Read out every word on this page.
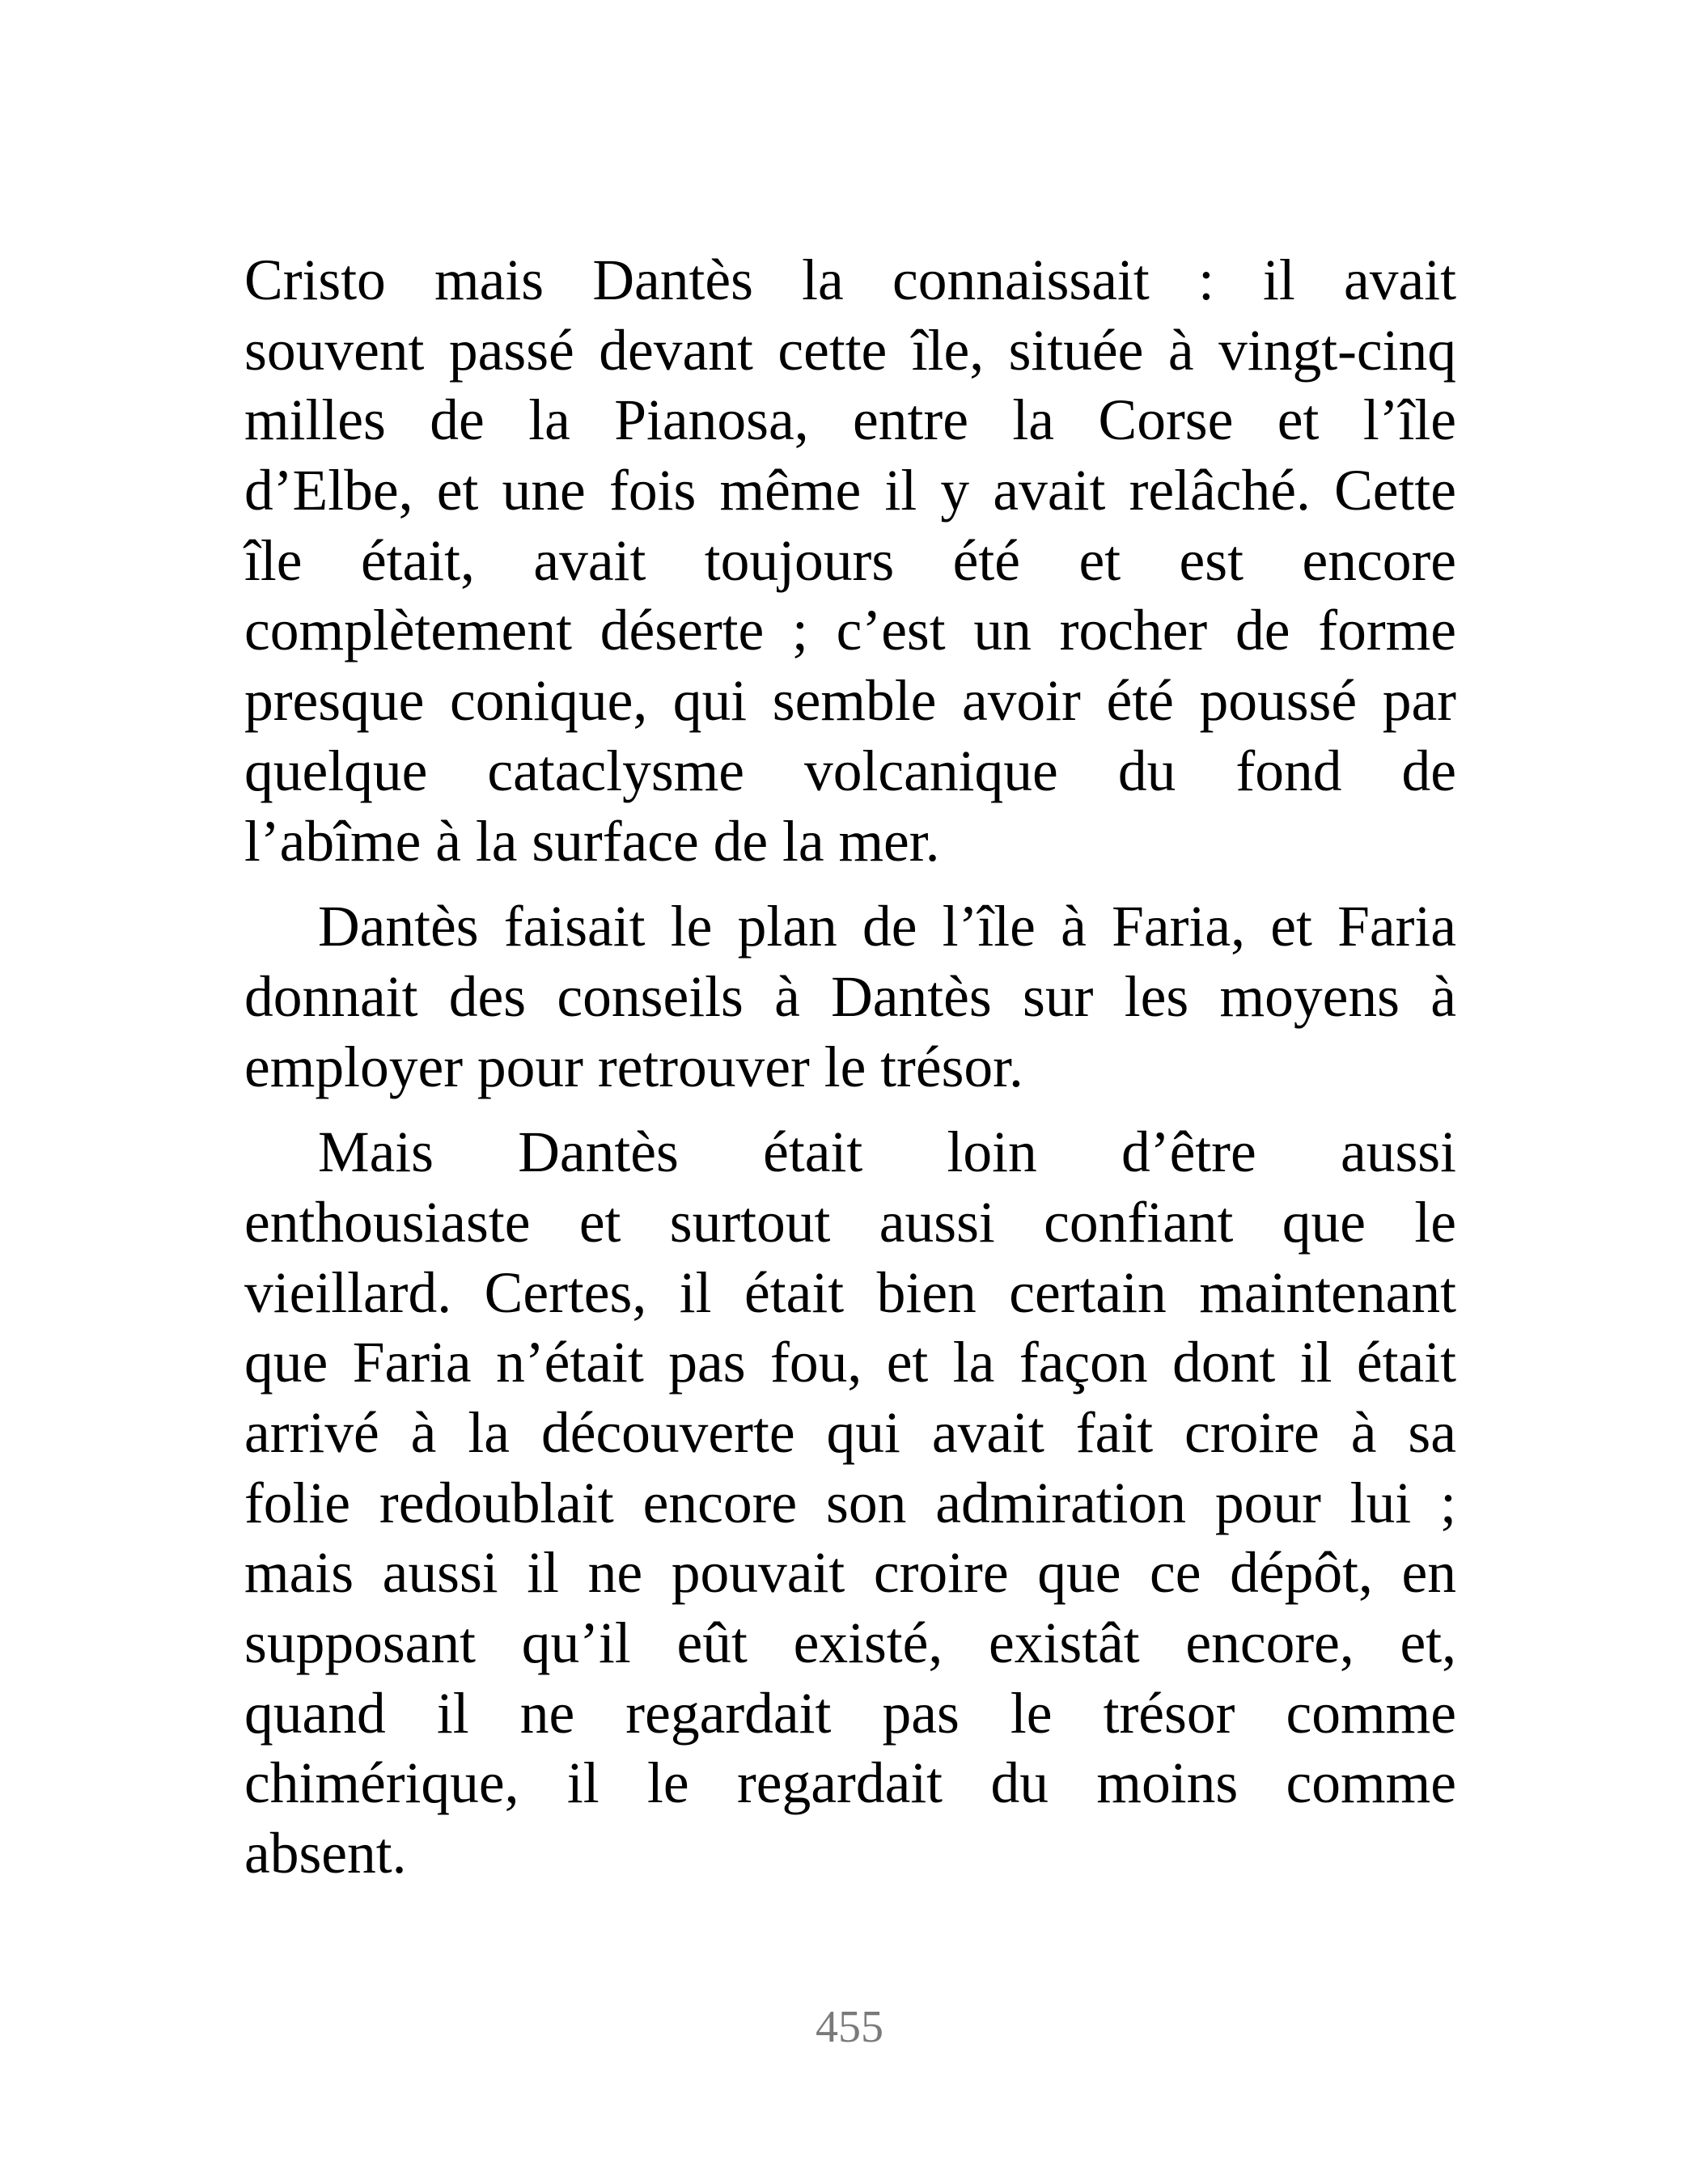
Cristo mais Dantès la connaissait : il avait
souvent passé devant cette île, située à vingt-cinq
milles de la Pianosa, entre la Corse et l’île
d’Elbe, et une fois même il y avait relâché. Cette
île était, avait toujours été et est encore
complètement déserte ; c’est un rocher de forme
presque conique, qui semble avoir été poussé par
quelque cataclysme volcanique du fond de
l’abîme à la surface de la mer.

Dantès faisait le plan de l’île à Faria, et Faria
donnait des conseils à Dantès sur les moyens à
employer pour retrouver le trésor.

Mais Dantès était loin d’être aussi
enthousiaste et surtout aussi confiant que le
vieillard. Certes, il était bien certain maintenant
que Faria n’était pas fou, et la façon dont il était
arrivé à la découverte qui avait fait croire à sa
folie redoublait encore son admiration pour lui ;
mais aussi il ne pouvait croire que ce dépôt, en
supposant qu’il eût existé, existât encore, et,
quand il ne regardait pas le trésor comme
chimérique, il le regardait du moins comme
absent.

455
